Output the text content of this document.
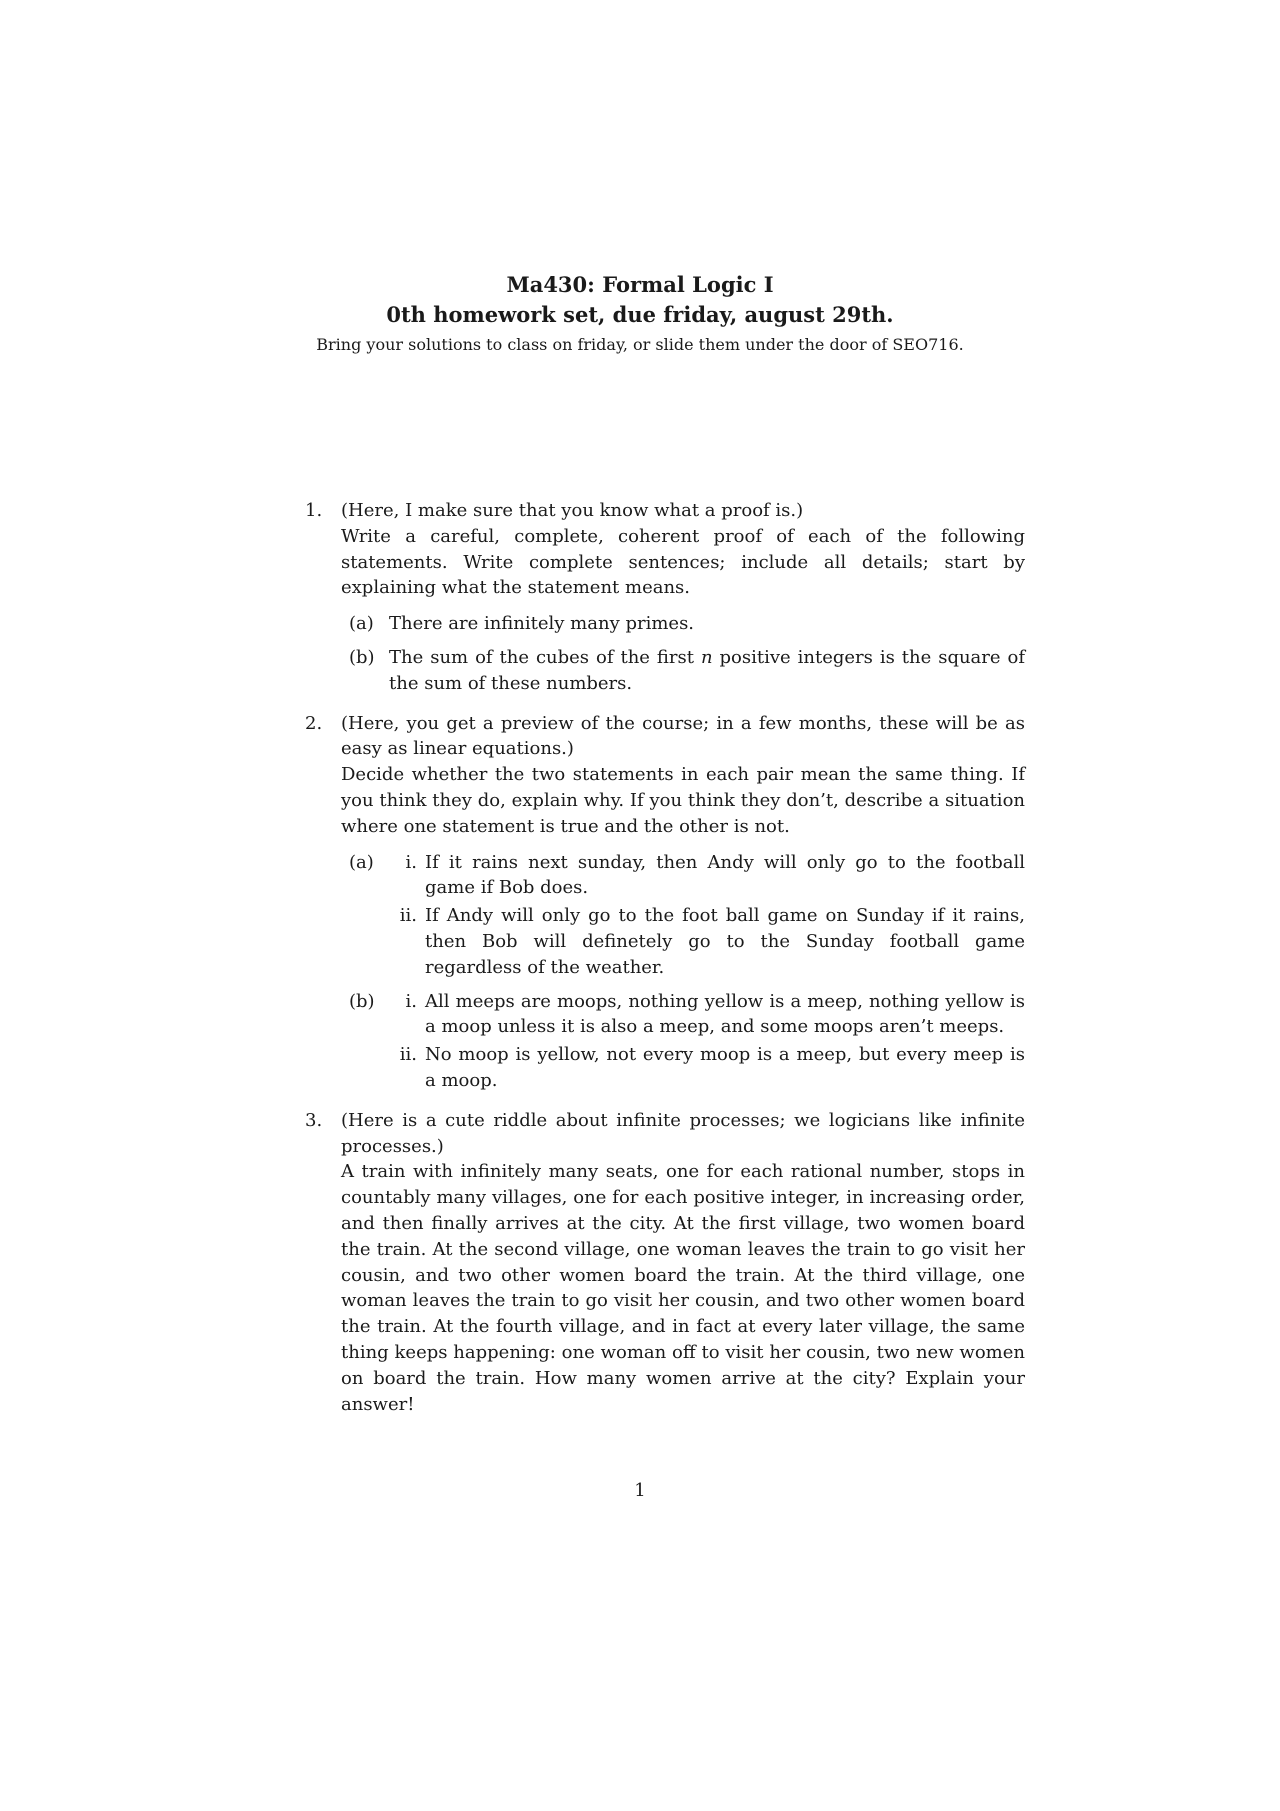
Ma430: Formal Logic I
0th homework set, due friday, august 29th.
Bring your solutions to class on friday, or slide them under the door of SEO716.
1. (Here, I make sure that you know what a proof is.)
Write a careful, complete, coherent proof of each of the following statements. Write complete sentences; include all details; start by explaining what the statement means.
(a) There are infinitely many primes.
(b) The sum of the cubes of the first n positive integers is the square of the sum of these numbers.
2. (Here, you get a preview of the course; in a few months, these will be as easy as linear equations.)
Decide whether the two statements in each pair mean the same thing. If you think they do, explain why. If you think they don’t, describe a situation where one statement is true and the other is not.
(a)	i. If it rains next sunday, then Andy will only go to the football game if Bob does.
ii. If Andy will only go to the foot ball game on Sunday if it rains, then Bob will definetely go to the Sunday football game regardless of the weather.
(b)	i. All meeps are moops, nothing yellow is a meep, nothing yellow is a moop unless it is also a meep, and some moops aren’t meeps.
ii. No moop is yellow, not every moop is a meep, but every meep is a moop.
3. (Here is a cute riddle about infinite processes; we logicians like infinite processes.)
A train with infinitely many seats, one for each rational number, stops in countably many villages, one for each positive integer, in increasing order, and then finally arrives at the city. At the first village, two women board the train. At the second village, one woman leaves the train to go visit her cousin, and two other women board the train. At the third village, one woman leaves the train to go visit her cousin, and two other women board the train. At the fourth village, and in fact at every later village, the same thing keeps happening: one woman off to visit her cousin, two new women on board the train. How many women arrive at the city? Explain your answer!
1
